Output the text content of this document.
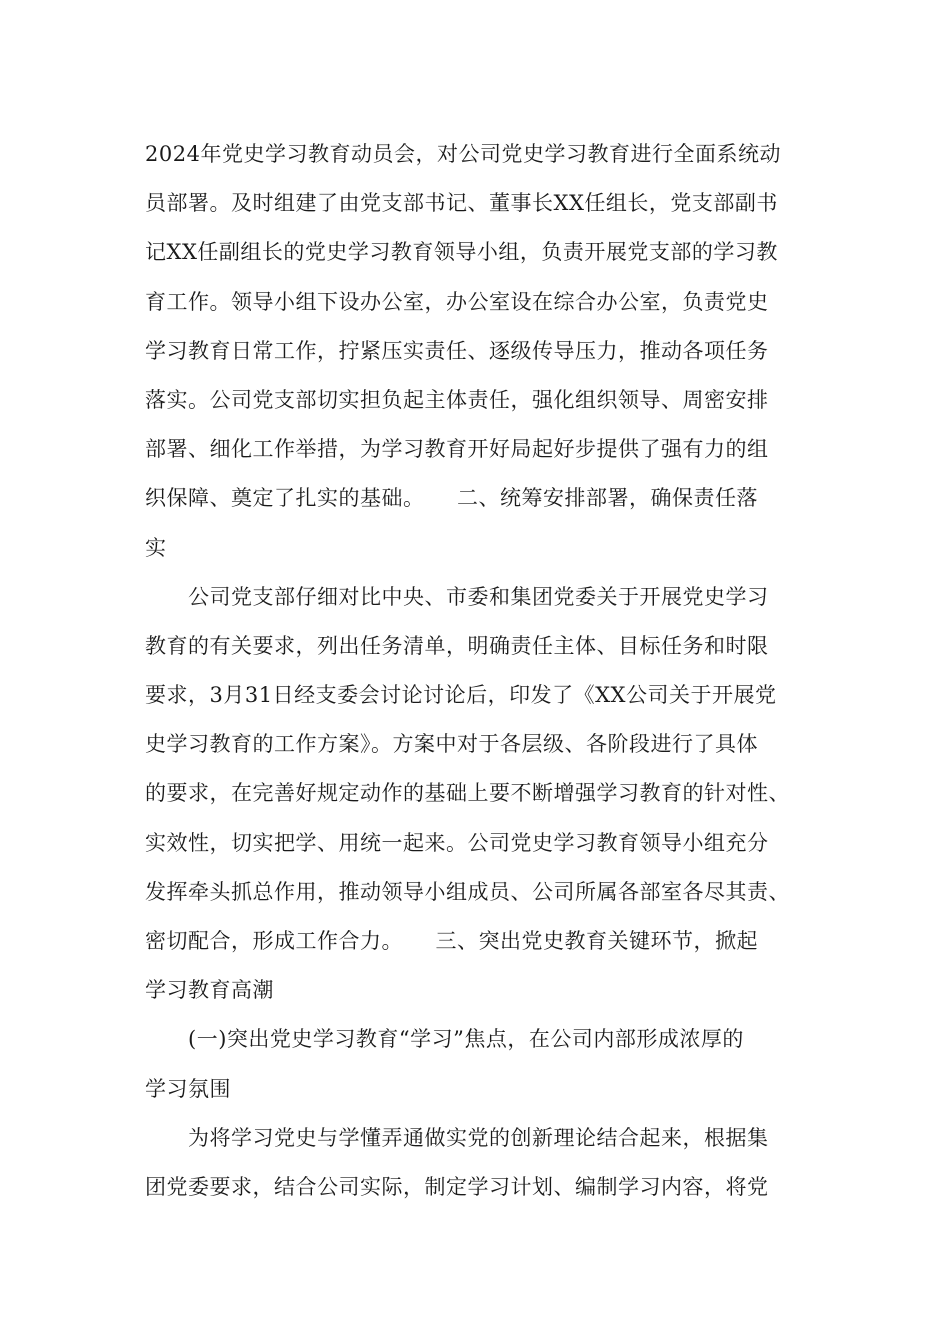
2024年党史学习教育动员会，对公司党史学习教育进行全面系统动
员部署。及时组建了由党支部书记、董事长XX任组长，党支部副书
记XX任副组长的党史学习教育领导小组，负责开展党支部的学习教
育工作。领导小组下设办公室，办公室设在综合办公室，负责党史
学习教育日常工作，拧紧压实责任、逐级传导压力，推动各项任务
落实。公司党支部切实担负起主体责任，强化组织领导、周密安排
部署、细化工作举措，为学习教育开好局起好步提供了强有力的组
织保障、奠定了扎实的基础。　　二、统筹安排部署，确保责任落
实
　　公司党支部仔细对比中央、市委和集团党委关于开展党史学习
教育的有关要求，列出任务清单，明确责任主体、目标任务和时限
要求，3月31日经支委会讨论讨论后，印发了《XX公司关于开展党
史学习教育的工作方案》。方案中对于各层级、各阶段进行了具体
的要求，在完善好规定动作的基础上要不断增强学习教育的针对性、
实效性，切实把学、用统一起来。公司党史学习教育领导小组充分
发挥牵头抓总作用，推动领导小组成员、公司所属各部室各尽其责、
密切配合，形成工作合力。　　三、突出党史教育关键环节，掀起
学习教育高潮
　　(一)突出党史学习教育“学习”焦点，在公司内部形成浓厚的
学习氛围
　　为将学习党史与学懂弄通做实党的创新理论结合起来，根据集
团党委要求，结合公司实际，制定学习计划、编制学习内容，将党
